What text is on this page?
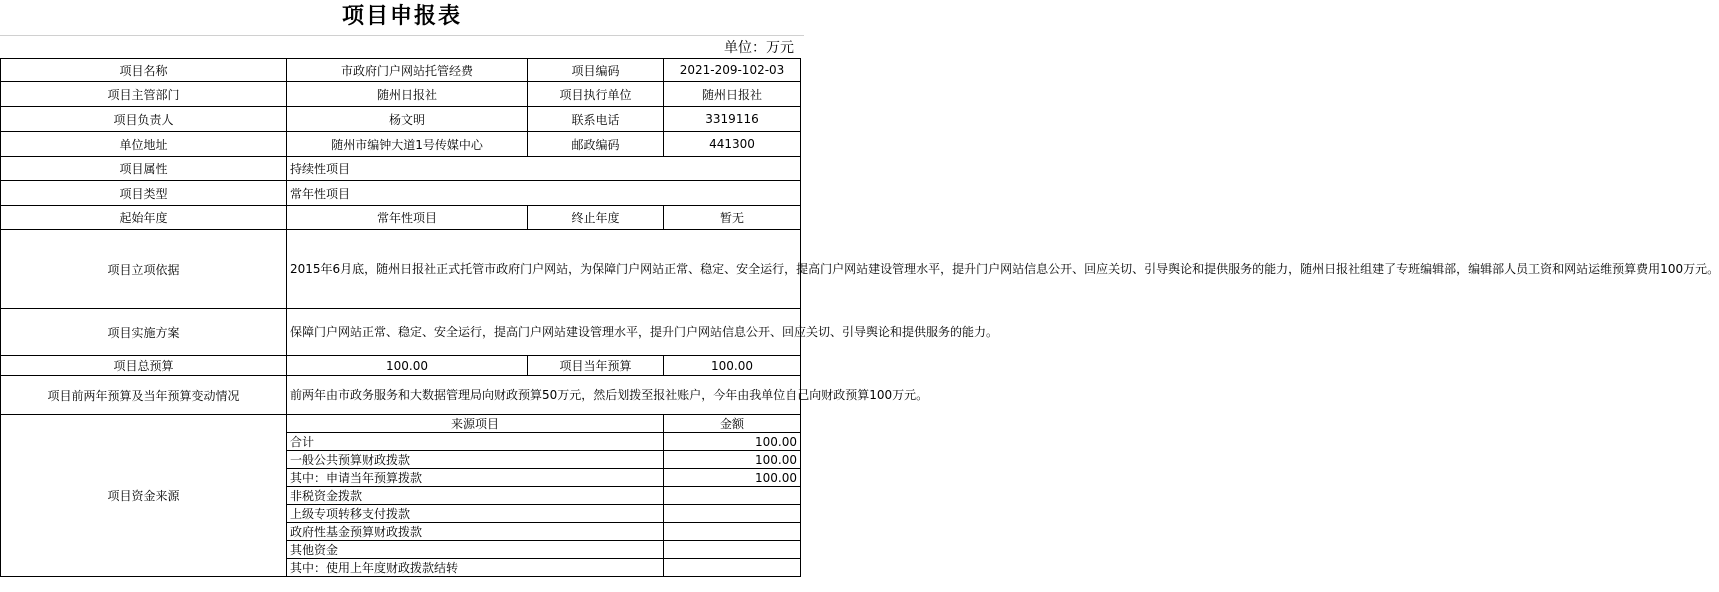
项目申报表
单位：万元
项目名称	市政府门户网站托管经费	项目编码	2021-209-102-03
项目主管部门	随州日报社	项目执行单位	随州日报社
项目负责人	杨文明	联系电话	3319116
单位地址	随州市编钟大道1号传媒中心	邮政编码	441300
项目属性	持续性项目		
项目类型	常年性项目		
起始年度	常年性项目	终止年度	暂无
项目立项依据	2015年6月底，随州日报社正式托管市政府门户网站，为保障门户网站正常、稳定、安全运行，提高门户网站建设管理水平，提升门户网站信息公开、回应关切、引导舆论和提供服务的能力，随州日报社组建了专班编辑部，编辑部人员工资和网站运维预算费用100万元。		
项目实施方案	保障门户网站正常、稳定、安全运行，提高门户网站建设管理水平，提升门户网站信息公开、回应关切、引导舆论和提供服务的能力。		
项目总预算	100.00	项目当年预算	100.00
项目前两年预算及当年预算变动情况	前两年由市政务服务和大数据管理局向财政预算50万元，然后划拨至报社账户，今年由我单位自己向财政预算100万元。		
项目资金来源	来源项目		金额
	合计		100.00
	一般公共预算财政拨款		100.00
	其中：申请当年预算拨款		100.00
	非税资金拨款		
	上级专项转移支付拨款		
	政府性基金预算财政拨款		
	其他资金		
	其中：使用上年度财政拨款结转		
